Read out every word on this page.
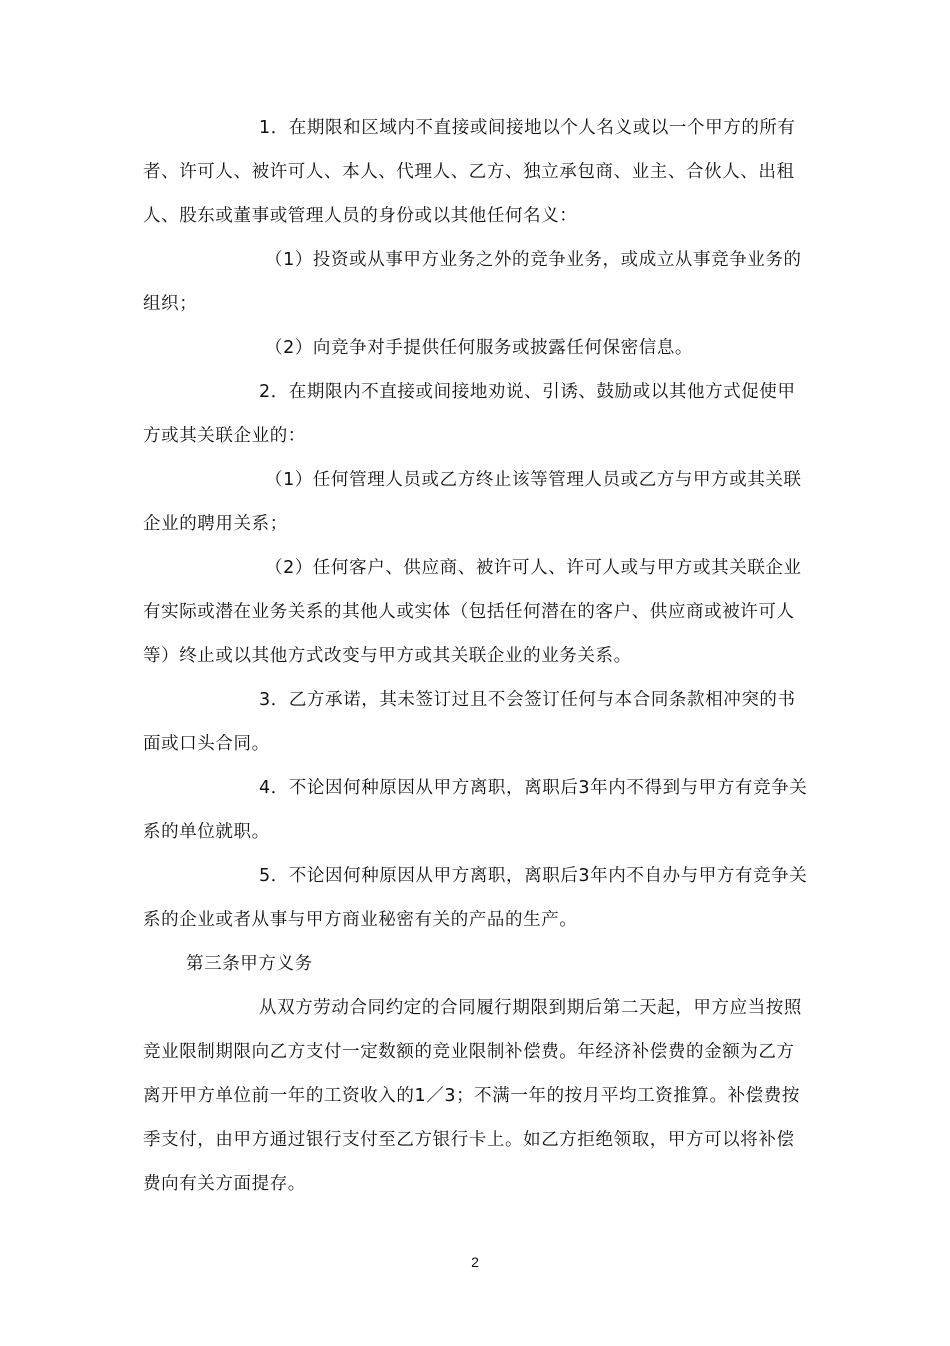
1．在期限和区域内不直接或间接地以个人名义或以一个甲方的所有者、许可人、被许可人、本人、代理人、乙方、独立承包商、业主、合伙人、出租人、股东或董事或管理人员的身份或以其他任何名义：

（1）投资或从事甲方业务之外的竞争业务，或成立从事竞争业务的组织；

（2）向竞争对手提供任何服务或披露任何保密信息。

2．在期限内不直接或间接地劝说、引诱、鼓励或以其他方式促使甲方或其关联企业的：

（1）任何管理人员或乙方终止该等管理人员或乙方与甲方或其关联企业的聘用关系；

（2）任何客户、供应商、被许可人、许可人或与甲方或其关联企业有实际或潜在业务关系的其他人或实体（包括任何潜在的客户、供应商或被许可人等）终止或以其他方式改变与甲方或其关联企业的业务关系。

3．乙方承诺，其未签订过且不会签订任何与本合同条款相冲突的书面或口头合同。

4．不论因何种原因从甲方离职，离职后3年内不得到与甲方有竞争关系的单位就职。

5．不论因何种原因从甲方离职，离职后3年内不自办与甲方有竞争关系的企业或者从事与甲方商业秘密有关的产品的生产。

第三条甲方义务

从双方劳动合同约定的合同履行期限到期后第二天起，甲方应当按照竞业限制期限向乙方支付一定数额的竞业限制补偿费。年经济补偿费的金额为乙方离开甲方单位前一年的工资收入的1／3；不满一年的按月平均工资推算。补偿费按季支付，由甲方通过银行支付至乙方银行卡上。如乙方拒绝领取，甲方可以将补偿费向有关方面提存。

2
